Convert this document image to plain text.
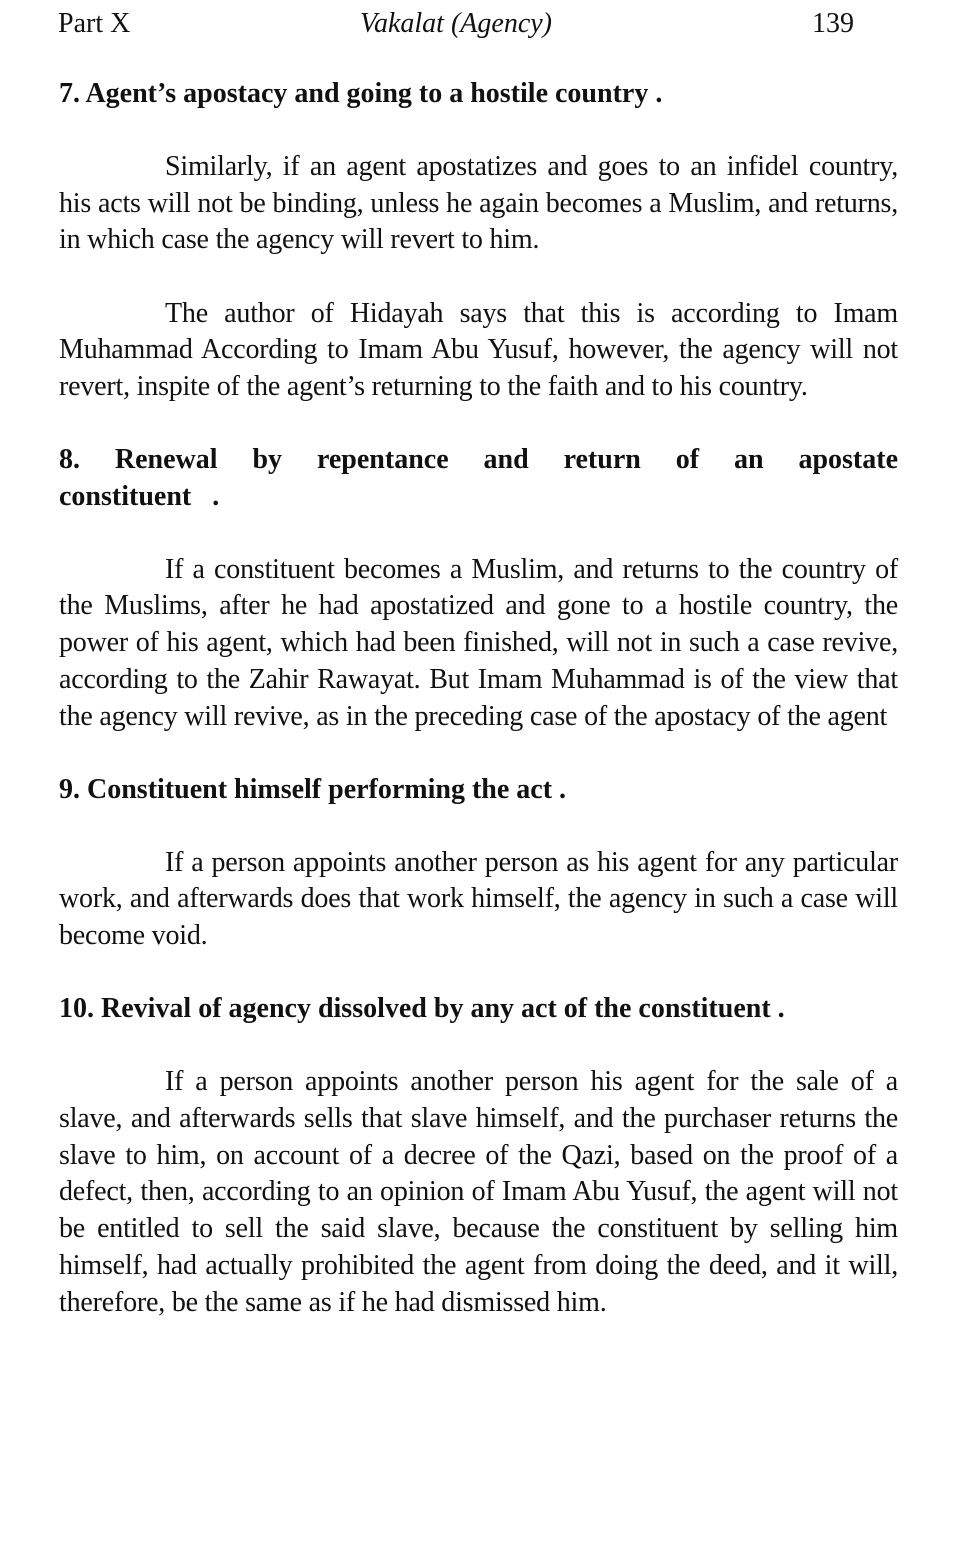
Part X	Vakalat (Agency)	139

7. Agent’s apostacy and going to a hostile country .

Similarly, if an agent apostatizes and goes to an infidel country, his acts will not be binding, unless he again becomes a Muslim, and returns, in which case the agency will revert to him.

The author of Hidayah says that this is according to Imam Muhammad According to Imam Abu Yusuf, however, the agency will not revert, inspite of the agent’s returning to the faith and to his country.

8. Renewal by repentance and return of an apostate constituent .

If a constituent becomes a Muslim, and returns to the country of the Muslims, after he had apostatized and gone to a hostile country, the power of his agent, which had been finished, will not in such a case revive, according to the Zahir Rawayat. But Imam Muhammad is of the view that the agency will revive, as in the preceding case of the apostacy of the agent

9. Constituent himself performing the act .

If a person appoints another person as his agent for any particular work, and afterwards does that work himself, the agency in such a case will become void.

10. Revival of agency dissolved by any act of the constituent .

If a person appoints another person his agent for the sale of a slave, and afterwards sells that slave himself, and the purchaser returns the slave to him, on account of a decree of the Qazi, based on the proof of a defect, then, according to an opinion of Imam Abu Yusuf, the agent will not be entitled to sell the said slave, because the constituent by selling him himself, had actually prohibited the agent from doing the deed, and it will, therefore, be the same as if he had dismissed him.
